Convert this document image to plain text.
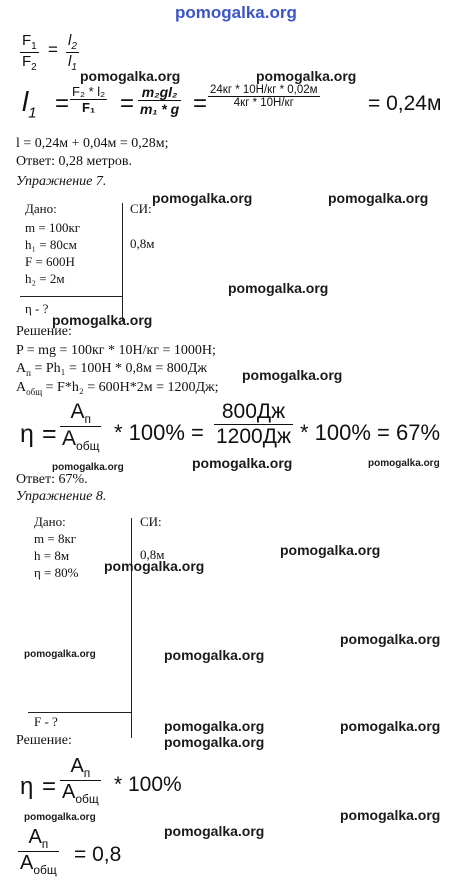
pomogalka.org
$F_1$
$F_2$
= $l_2$
$l_1$
pomogalka.org	pomogalka.org
$l_1 = F_2 * l_2$
F₁ = m₂gl₂
m₁ * g = 24кг * 10Н/кг * 0,02м
4кг * 10Н/кг	= 0,24м
l = 0,24м + 0,04м = 0,28м;
Ответ: 0,28 метров.
Упражнение 7.
pomogalka.org	pomogalka.org
Дано:	СИ:
m = 100кг
h₁ = 80см	0,8м
F = 600Н
h₂ = 2м
η - ?
pomogalka.org
pomogalka.org
Решение:
P = mg = 100кг * 10Н/кг = 1000Н;
$A_п = Ph_1 = 100Н * 0,8м = 800Дж$	pomogalka.org
$A_{общ} = F*h_2 = 600Н*2м = 1200Дж$;
η =
$A_п$
$A_{общ}$
* 100% =
800Дж
1200Дж * 100% = 67%
pomogalka.org	pomogalka.org	pomogalka.org
Ответ: 67%.
Упражнение 8.
Дано:	СИ:
m = 8кг
h = 8м	0,8м
η = 80%
F - ?
pomogalka.org
pomogalka.org
pomogalka.org
pomogalka.org	pomogalka.org
pomogalka.org	pomogalka.org
Решение:	pomogalka.org
η =
$A_п$
$A_{общ}$
* 100%
pomogalka.org	pomogalka.org
pomogalka.org
$A_п$
$A_{общ}$
= 0,8
